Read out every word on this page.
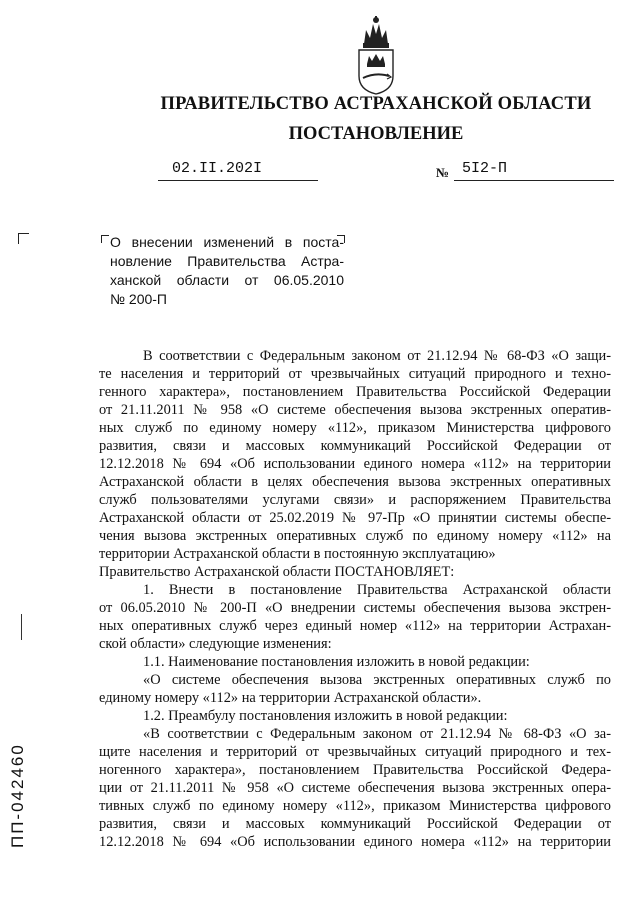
ПРАВИТЕЛЬСТВО АСТРАХАНСКОЙ ОБЛАСТИ
ПОСТАНОВЛЕНИЕ
02.II.202I	№ 5I2-П

О внесении изменений в поста-

новление Правительства Астра-

ханской области от 06.05.2010

№ 200-П

В соответствии с Федеральным законом от 21.12.94 № 68-ФЗ «О защи-

те населения и территорий от чрезвычайных ситуаций природного и техно-

генного характера», постановлением Правительства Российской Федерации

от 21.11.2011 № 958 «О системе обеспечения вызова экстренных оператив-

ных служб по единому номеру «112», приказом Министерства цифрового

развития, связи и массовых коммуникаций Российской Федерации от

12.12.2018 № 694 «Об использовании единого номера «112» на территории

Астраханской области в целях обеспечения вызова экстренных оперативных

служб пользователями услугами связи» и распоряжением Правительства

Астраханской области от 25.02.2019 № 97-Пр «О принятии системы обеспе-

чения вызова экстренных оперативных служб по единому номеру «112» на

территории Астраханской области в постоянную эксплуатацию»

Правительство Астраханской области ПОСТАНОВЛЯЕТ:

1. Внести в постановление Правительства Астраханской области

от 06.05.2010 № 200-П «О внедрении системы обеспечения вызова экстрен-

ных оперативных служб через единый номер «112» на территории Астрахан-

ской области» следующие изменения:

1.1. Наименование постановления изложить в новой редакции:

«О системе обеспечения вызова экстренных оперативных служб по

единому номеру «112» на территории Астраханской области».

1.2. Преамбулу постановления изложить в новой редакции:

«В соответствии с Федеральным законом от 21.12.94 № 68-ФЗ «О за-

щите населения и территорий от чрезвычайных ситуаций природного и тех-

ногенного характера», постановлением Правительства Российской Федера-

ции от 21.11.2011 № 958 «О системе обеспечения вызова экстренных опера-

тивных служб по единому номеру «112», приказом Министерства цифрового

развития, связи и массовых коммуникаций Российской Федерации от

12.12.2018 № 694 «Об использовании единого номера «112» на территории

ПП-042460
